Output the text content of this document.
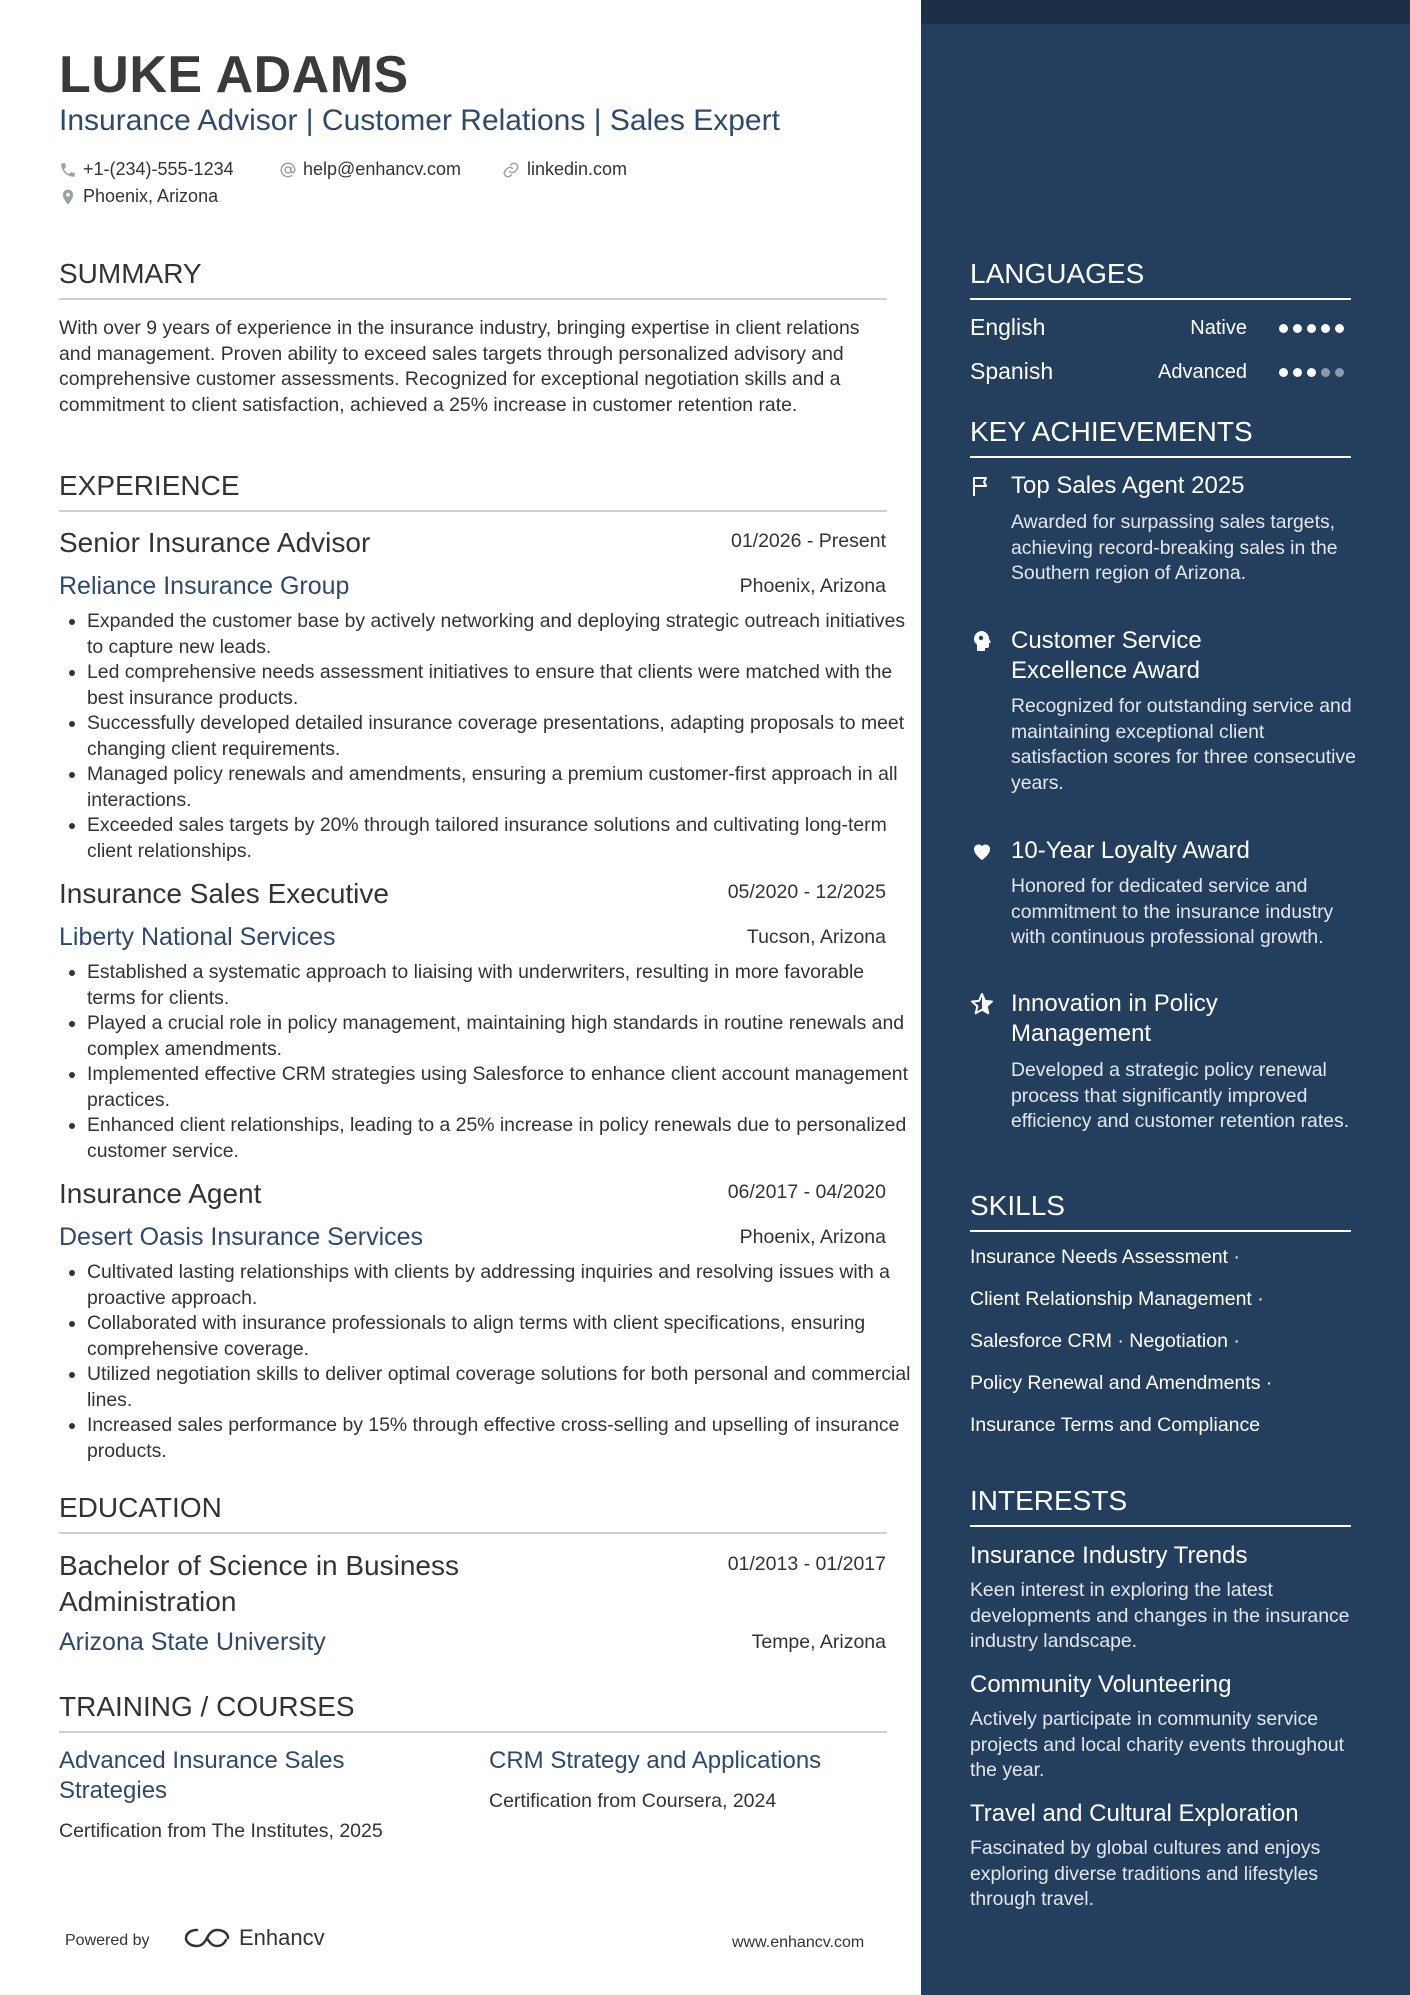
LUKE ADAMS
Insurance Advisor | Customer Relations | Sales Expert
+1-(234)-555-1234	help@enhancv.com	linkedin.com
Phoenix, Arizona
SUMMARY
With over 9 years of experience in the insurance industry, bringing expertise in client relations and management. Proven ability to exceed sales targets through personalized advisory and comprehensive customer assessments. Recognized for exceptional negotiation skills and a commitment to client satisfaction, achieved a 25% increase in customer retention rate.
EXPERIENCE
Senior Insurance Advisor	01/2026 - Present
Reliance Insurance Group	Phoenix, Arizona
• Expanded the customer base by actively networking and deploying strategic outreach initiatives to capture new leads.
• Led comprehensive needs assessment initiatives to ensure that clients were matched with the best insurance products.
• Successfully developed detailed insurance coverage presentations, adapting proposals to meet changing client requirements.
• Managed policy renewals and amendments, ensuring a premium customer-first approach in all interactions.
• Exceeded sales targets by 20% through tailored insurance solutions and cultivating long-term client relationships.
Insurance Sales Executive	05/2020 - 12/2025
Liberty National Services	Tucson, Arizona
• Established a systematic approach to liaising with underwriters, resulting in more favorable terms for clients.
• Played a crucial role in policy management, maintaining high standards in routine renewals and complex amendments.
• Implemented effective CRM strategies using Salesforce to enhance client account management practices.
• Enhanced client relationships, leading to a 25% increase in policy renewals due to personalized customer service.
Insurance Agent	06/2017 - 04/2020
Desert Oasis Insurance Services	Phoenix, Arizona
• Cultivated lasting relationships with clients by addressing inquiries and resolving issues with a proactive approach.
• Collaborated with insurance professionals to align terms with client specifications, ensuring comprehensive coverage.
• Utilized negotiation skills to deliver optimal coverage solutions for both personal and commercial lines.
• Increased sales performance by 15% through effective cross-selling and upselling of insurance products.
EDUCATION
Bachelor of Science in Business
Administration
01/2013 - 01/2017
Arizona State University	Tempe, Arizona
TRAINING / COURSES
Advanced Insurance Sales
Strategies
Certification from The Institutes, 2025
CRM Strategy and Applications
Certification from Coursera, 2024
Powered by	Enhancv	www.enhancv.com
LANGUAGES
English	Native
Spanish	Advanced
KEY ACHIEVEMENTS
Top Sales Agent 2025
Awarded for surpassing sales targets, achieving record-breaking sales in the Southern region of Arizona.
Customer Service
Excellence Award
Recognized for outstanding service and maintaining exceptional client satisfaction scores for three consecutive years.
10-Year Loyalty Award
Honored for dedicated service and commitment to the insurance industry with continuous professional growth.
Innovation in Policy
Management
Developed a strategic policy renewal process that significantly improved efficiency and customer retention rates.
SKILLS
Insurance Needs Assessment ·
Client Relationship Management ·
Salesforce CRM · Negotiation ·
Policy Renewal and Amendments ·
Insurance Terms and Compliance
INTERESTS
Insurance Industry Trends
Keen interest in exploring the latest developments and changes in the insurance industry landscape.
Community Volunteering
Actively participate in community service projects and local charity events throughout the year.
Travel and Cultural Exploration
Fascinated by global cultures and enjoys exploring diverse traditions and lifestyles through travel.
